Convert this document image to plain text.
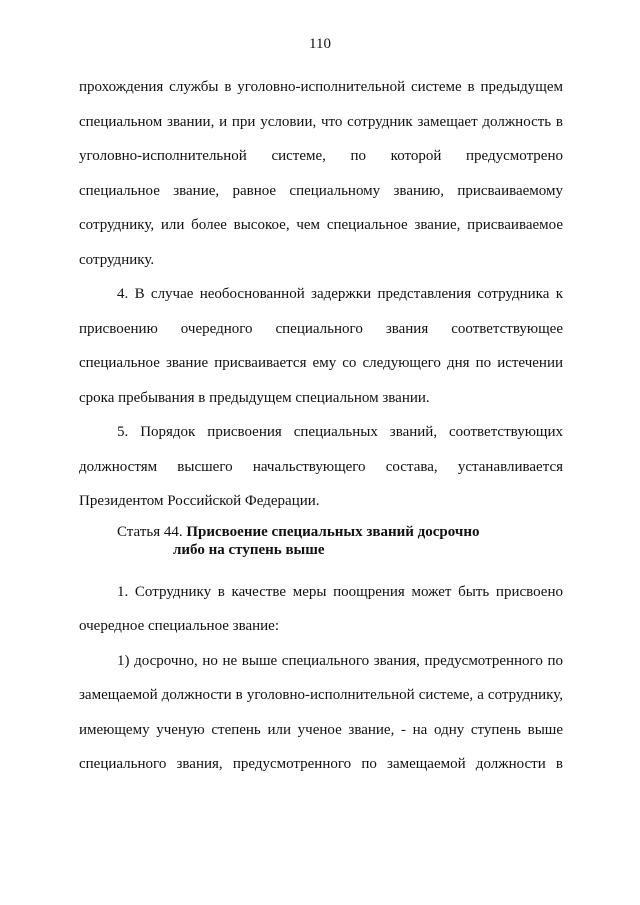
110
прохождения службы в уголовно-исполнительной системе в предыдущем
специальном звании, и при условии, что сотрудник замещает должность в
уголовно-исполнительной системе, по которой предусмотрено
специальное звание, равное специальному званию, присваиваемому
сотруднику, или более высокое, чем специальное звание, присваиваемое
сотруднику.
4. В случае необоснованной задержки представления сотрудника к
присвоению очередного специального звания соответствующее
специальное звание присваивается ему со следующего дня по истечении
срока пребывания в предыдущем специальном звании.
5. Порядок присвоения специальных званий, соответствующих
должностям высшего начальствующего состава, устанавливается
Президентом Российской Федерации.
Статья 44. Присвоение специальных званий досрочно
либо на ступень выше
1. Сотруднику в качестве меры поощрения может быть присвоено
очередное специальное звание:
1) досрочно, но не выше специального звания, предусмотренного по
замещаемой должности в уголовно-исполнительной системе, а сотруднику,
имеющему ученую степень или ученое звание, - на одну ступень выше
специального звания, предусмотренного по замещаемой должности в
